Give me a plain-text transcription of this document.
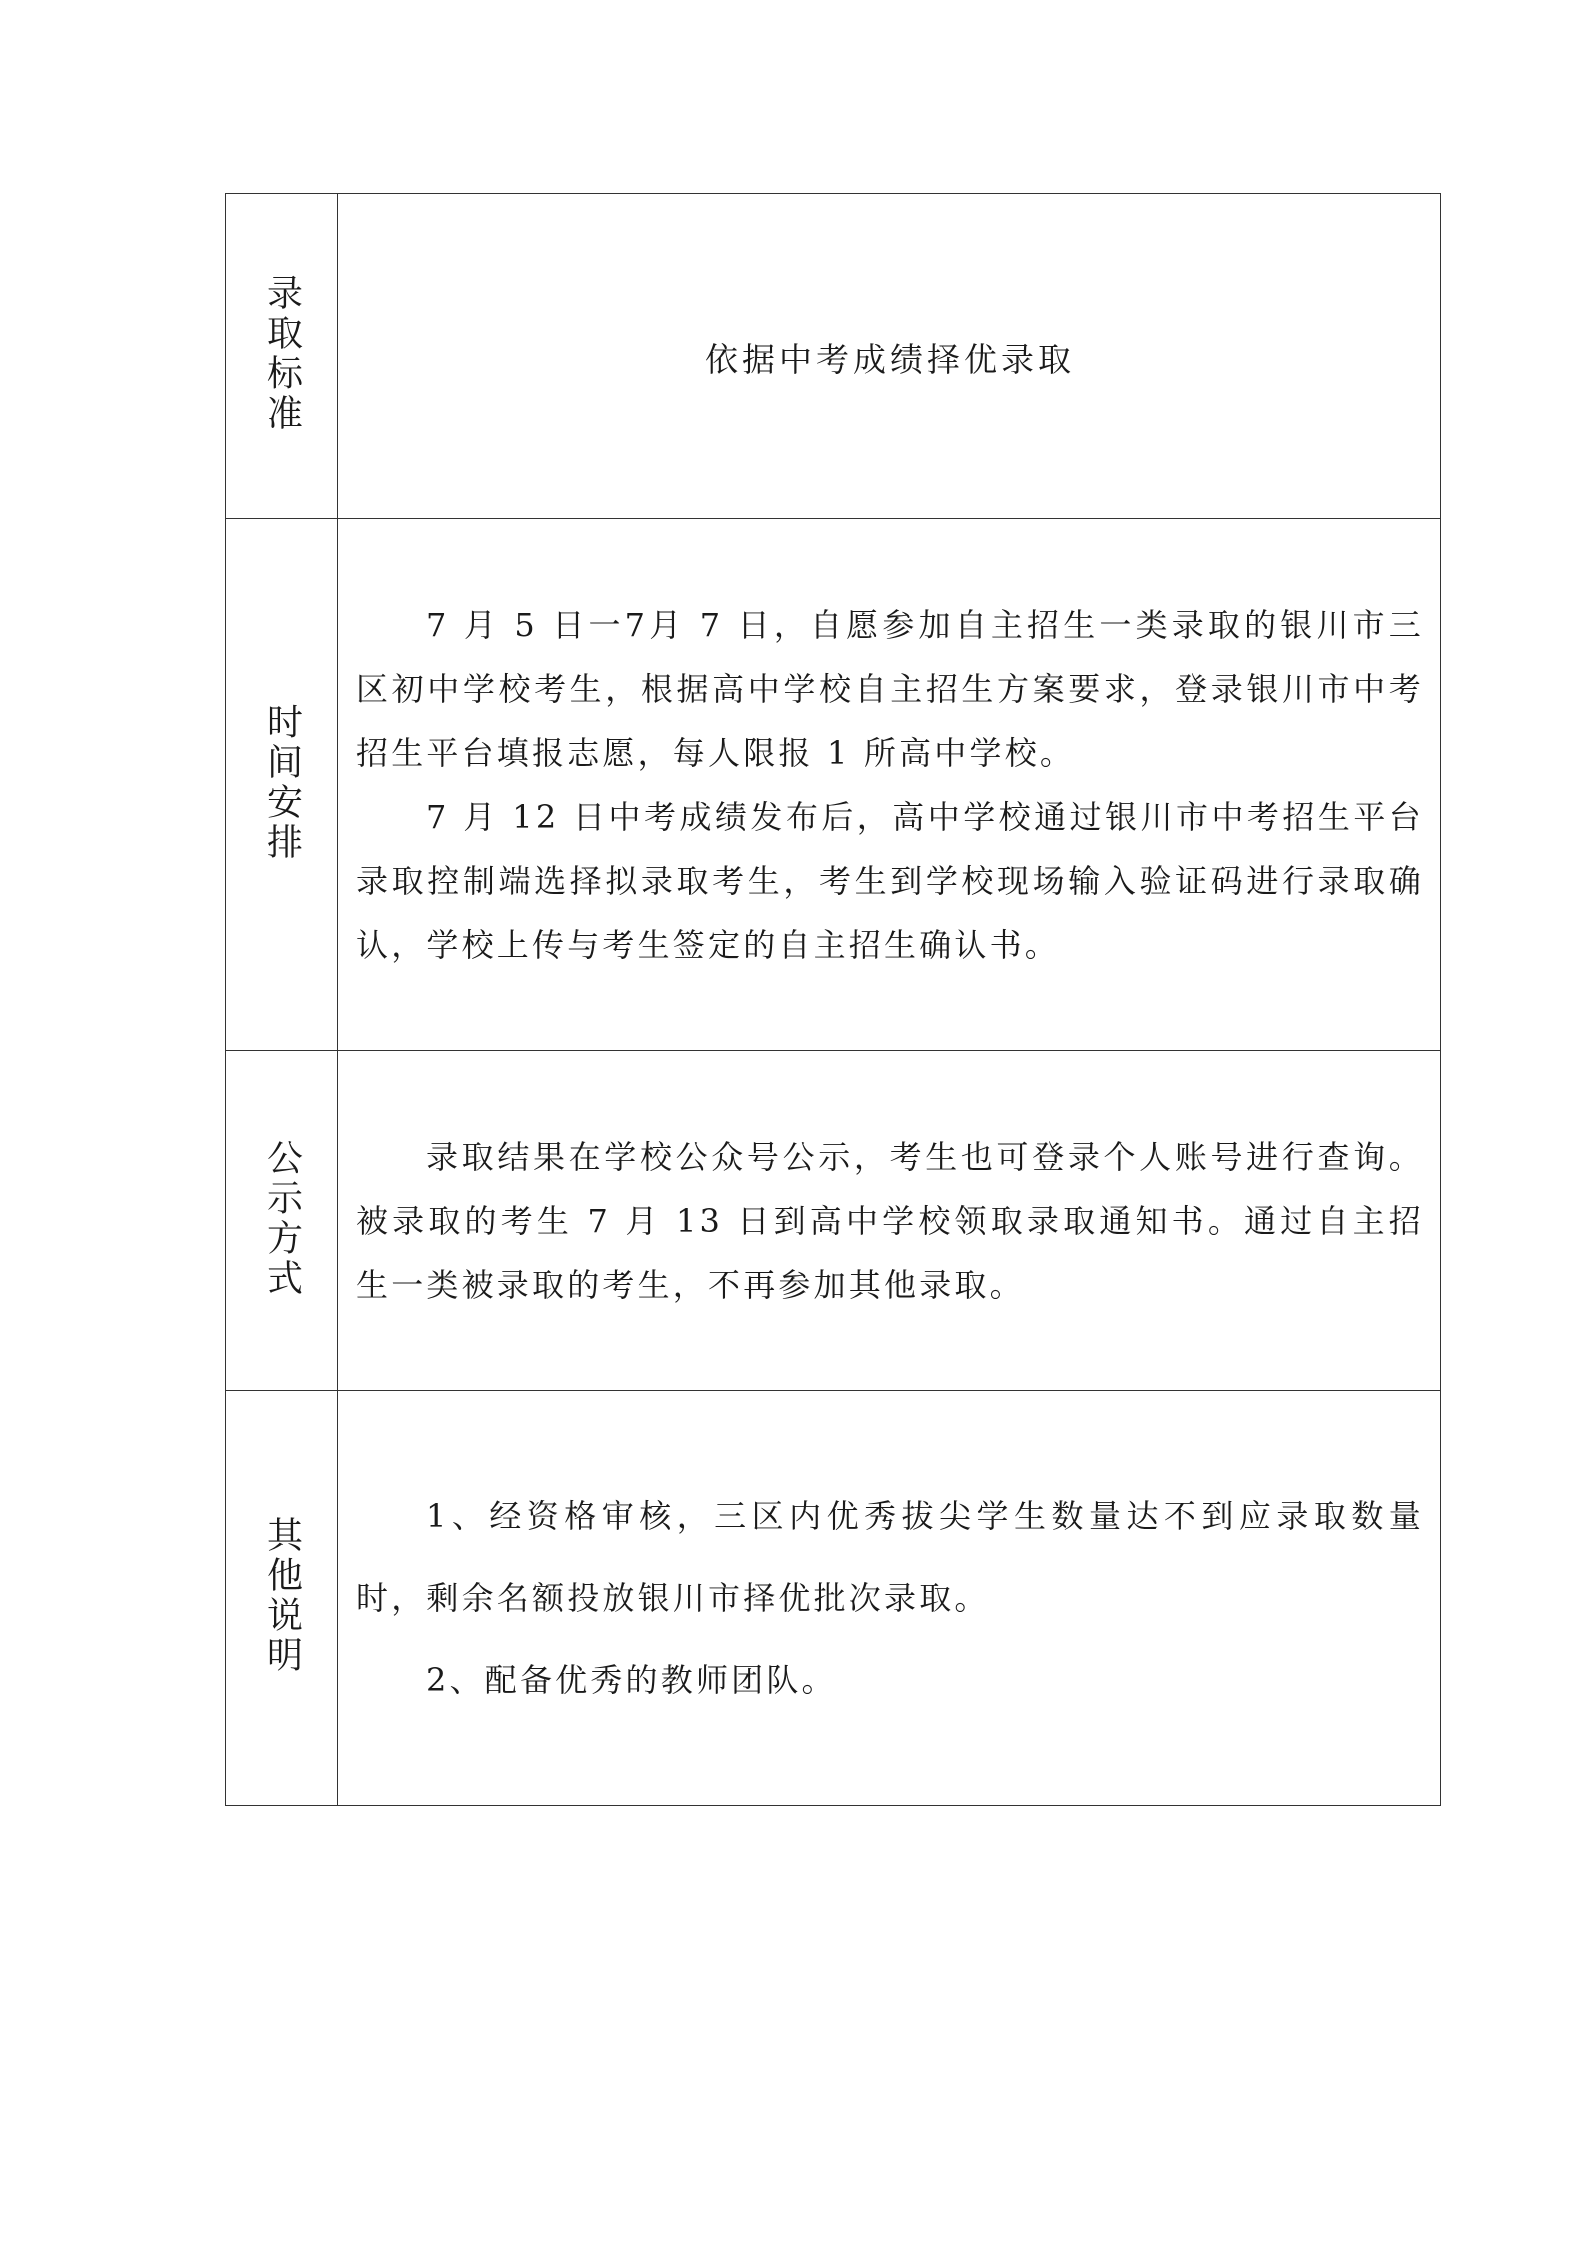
录取标准	依据中考成绩择优录取

时间安排	7 月 5 日一7月 7 日，自愿参加自主招生一类录取的银川市三区初中学校考生，根据高中学校自主招生方案要求，登录银川市中考招生平台填报志愿，每人限报 1 所高中学校。

7 月 12 日中考成绩发布后，高中学校通过银川市中考招生平台录取控制端选择拟录取考生，考生到学校现场输入验证码进行录取确认，学校上传与考生签定的自主招生确认书。

公示方式	录取结果在学校公众号公示，考生也可登录个人账号进行查询。被录取的考生 7 月 13 日到高中学校领取录取通知书。通过自主招生一类被录取的考生，不再参加其他录取。

其他说明	1、经资格审核，三区内优秀拔尖学生数量达不到应录取数量时，剩余名额投放银川市择优批次录取。

2、配备优秀的教师团队。
